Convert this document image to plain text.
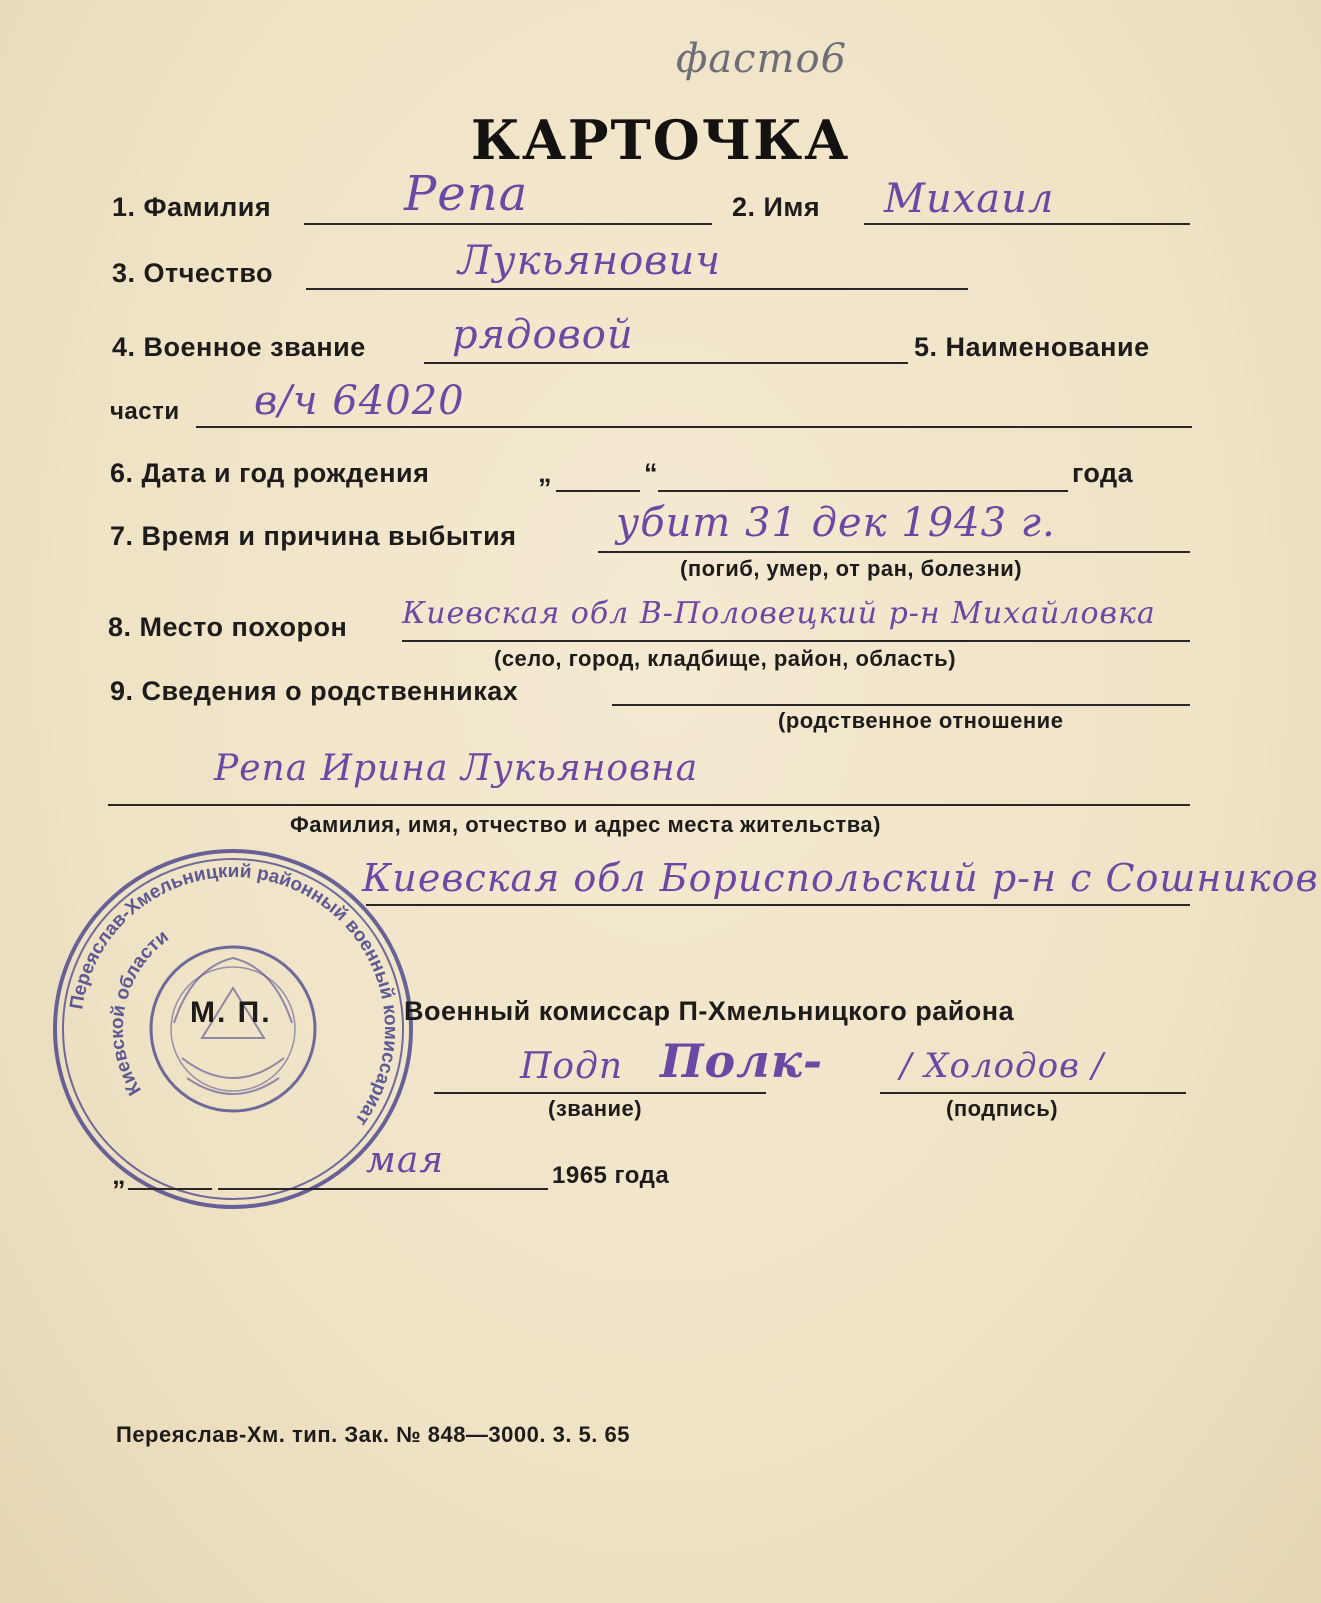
фасто6
КАРТОЧКА
1. Фамилия	Репа	2. Имя Михаил
3. Отчество	Лукьянович
4. Военное звание рядовой	5. Наименование
части в/ч 64020
6. Дата и год рождения	„	“	года
7. Время и причина выбытия убит 31 дек 1943 г.
(погиб, умер, от ран, болезни)
8. Место похорон Киевская обл В-Половецкий р-н Михайловка
(село, город, кладбище, район, область)
9. Сведения о родственниках
(родственное отношение
Репа Ирина Лукьяновна
Фамилия, имя, отчество и адрес места жительства)
Киевская обл Бориспольский р-н с Сошников
Переяслав-Хмельницкий районный военный комиссариат
Киевской области
М. П.	Военный комиссар П-Хмельницкого района
Подп Полк- / Холодов /
(звание)	(подпись)
„	мая	1965 года
Переяслав-Хм. тип. Зак. № 848—3000. 3. 5. 65
